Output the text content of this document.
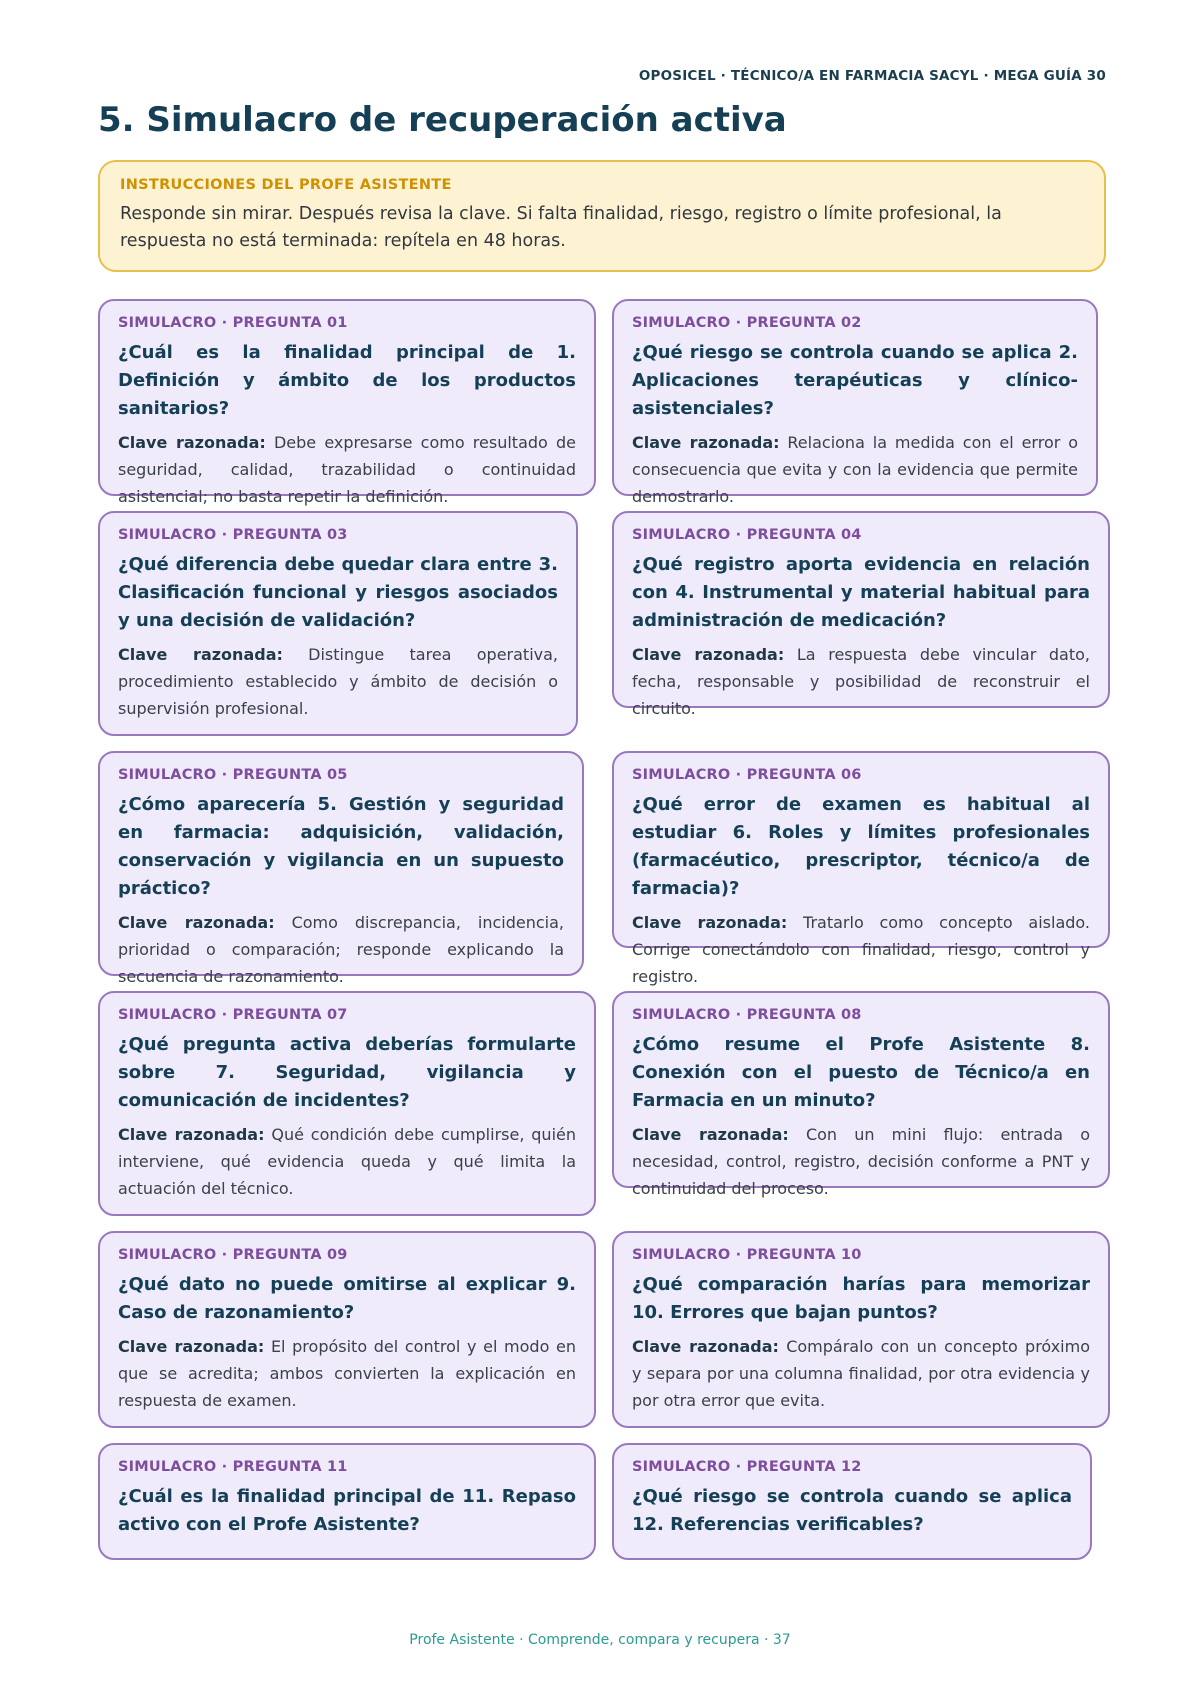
OPOSICEL · TÉCNICO/A EN FARMACIA SACYL · MEGA GUÍA 30
5. Simulacro de recuperación activa
INSTRUCCIONES DEL PROFE ASISTENTE
Responde sin mirar. Después revisa la clave. Si falta finalidad, riesgo, registro o límite profesional, la respuesta no está terminada: repítela en 48 horas.
SIMULACRO · PREGUNTA 01
¿Cuál es la finalidad principal de 1. Definición y ámbito de los productos sanitarios?
Clave razonada: Debe expresarse como resultado de seguridad, calidad, trazabilidad o continuidad asistencial; no basta repetir la definición.
SIMULACRO · PREGUNTA 02
¿Qué riesgo se controla cuando se aplica 2. Aplicaciones terapéuticas y clínico-asistenciales?
Clave razonada: Relaciona la medida con el error o consecuencia que evita y con la evidencia que permite demostrarlo.
SIMULACRO · PREGUNTA 03
¿Qué diferencia debe quedar clara entre 3. Clasificación funcional y riesgos asociados y una decisión de validación?
Clave razonada: Distingue tarea operativa, procedimiento establecido y ámbito de decisión o supervisión profesional.
SIMULACRO · PREGUNTA 04
¿Qué registro aporta evidencia en relación con 4. Instrumental y material habitual para administración de medicación?
Clave razonada: La respuesta debe vincular dato, fecha, responsable y posibilidad de reconstruir el circuito.
SIMULACRO · PREGUNTA 05
¿Cómo aparecería 5. Gestión y seguridad en farmacia: adquisición, validación, conservación y vigilancia en un supuesto práctico?
Clave razonada: Como discrepancia, incidencia, prioridad o comparación; responde explicando la secuencia de razonamiento.
SIMULACRO · PREGUNTA 06
¿Qué error de examen es habitual al estudiar 6. Roles y límites profesionales (farmacéutico, prescriptor, técnico/a de farmacia)?
Clave razonada: Tratarlo como concepto aislado. Corrige conectándolo con finalidad, riesgo, control y registro.
SIMULACRO · PREGUNTA 07
¿Qué pregunta activa deberías formularte sobre 7. Seguridad, vigilancia y comunicación de incidentes?
Clave razonada: Qué condición debe cumplirse, quién interviene, qué evidencia queda y qué limita la actuación del técnico.
SIMULACRO · PREGUNTA 08
¿Cómo resume el Profe Asistente 8. Conexión con el puesto de Técnico/a en Farmacia en un minuto?
Clave razonada: Con un mini flujo: entrada o necesidad, control, registro, decisión conforme a PNT y continuidad del proceso.
SIMULACRO · PREGUNTA 09
¿Qué dato no puede omitirse al explicar 9. Caso de razonamiento?
Clave razonada: El propósito del control y el modo en que se acredita; ambos convierten la explicación en respuesta de examen.
SIMULACRO · PREGUNTA 10
¿Qué comparación harías para memorizar 10. Errores que bajan puntos?
Clave razonada: Compáralo con un concepto próximo y separa por una columna finalidad, por otra evidencia y por otra error que evita.
SIMULACRO · PREGUNTA 11
¿Cuál es la finalidad principal de 11. Repaso activo con el Profe Asistente?
SIMULACRO · PREGUNTA 12
¿Qué riesgo se controla cuando se aplica 12. Referencias verificables?
Profe Asistente · Comprende, compara y recupera · 37
